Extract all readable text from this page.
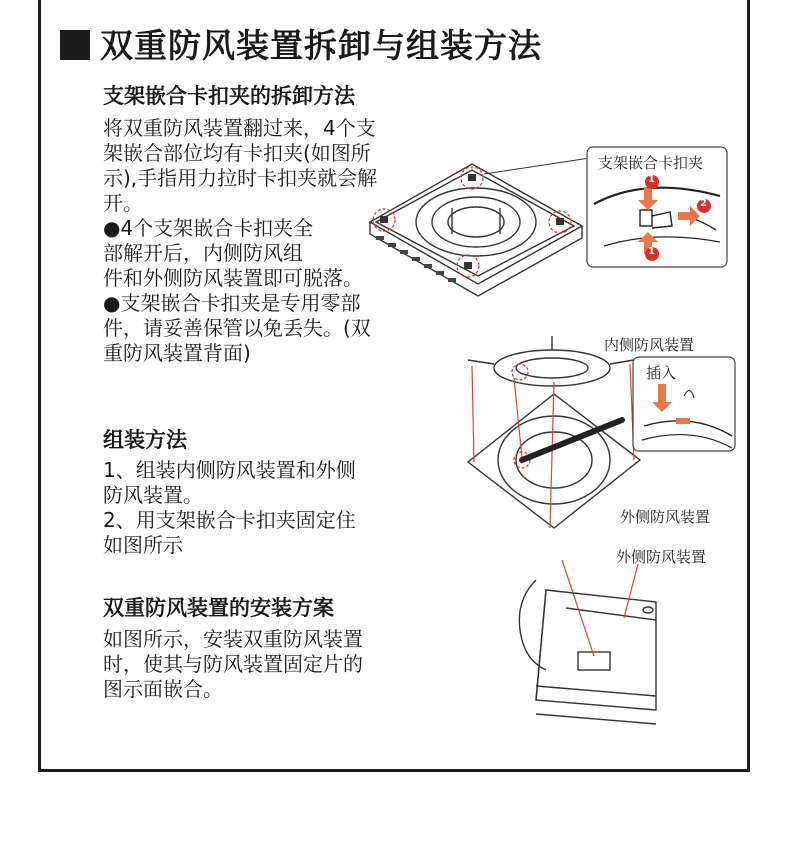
双重防风装置拆卸与组装方法
支架嵌合卡扣夹的拆卸方法

将双重防风装置翻过来，4个支
架嵌合部位均有卡扣夹(如图所
示),手指用力拉时卡扣夹就会解
开。
●4个支架嵌合卡扣夹全
部解开后，内侧防风组
件和外侧防风装置即可脱落。
●支架嵌合卡扣夹是专用零部
件，请妥善保管以免丢失。(双
重防风装置背面)

组装方法

1、组装内侧防风装置和外侧
防风装置。
2、用支架嵌合卡扣夹固定住
如图所示

双重防风装置的安装方案

如图所示，安装双重防风装置
时，使其与防风装置固定片的
图示面嵌合。

支架嵌合卡扣夹
1
2
1
内侧防风装置
插入
外侧防风装置
外侧防风装置
